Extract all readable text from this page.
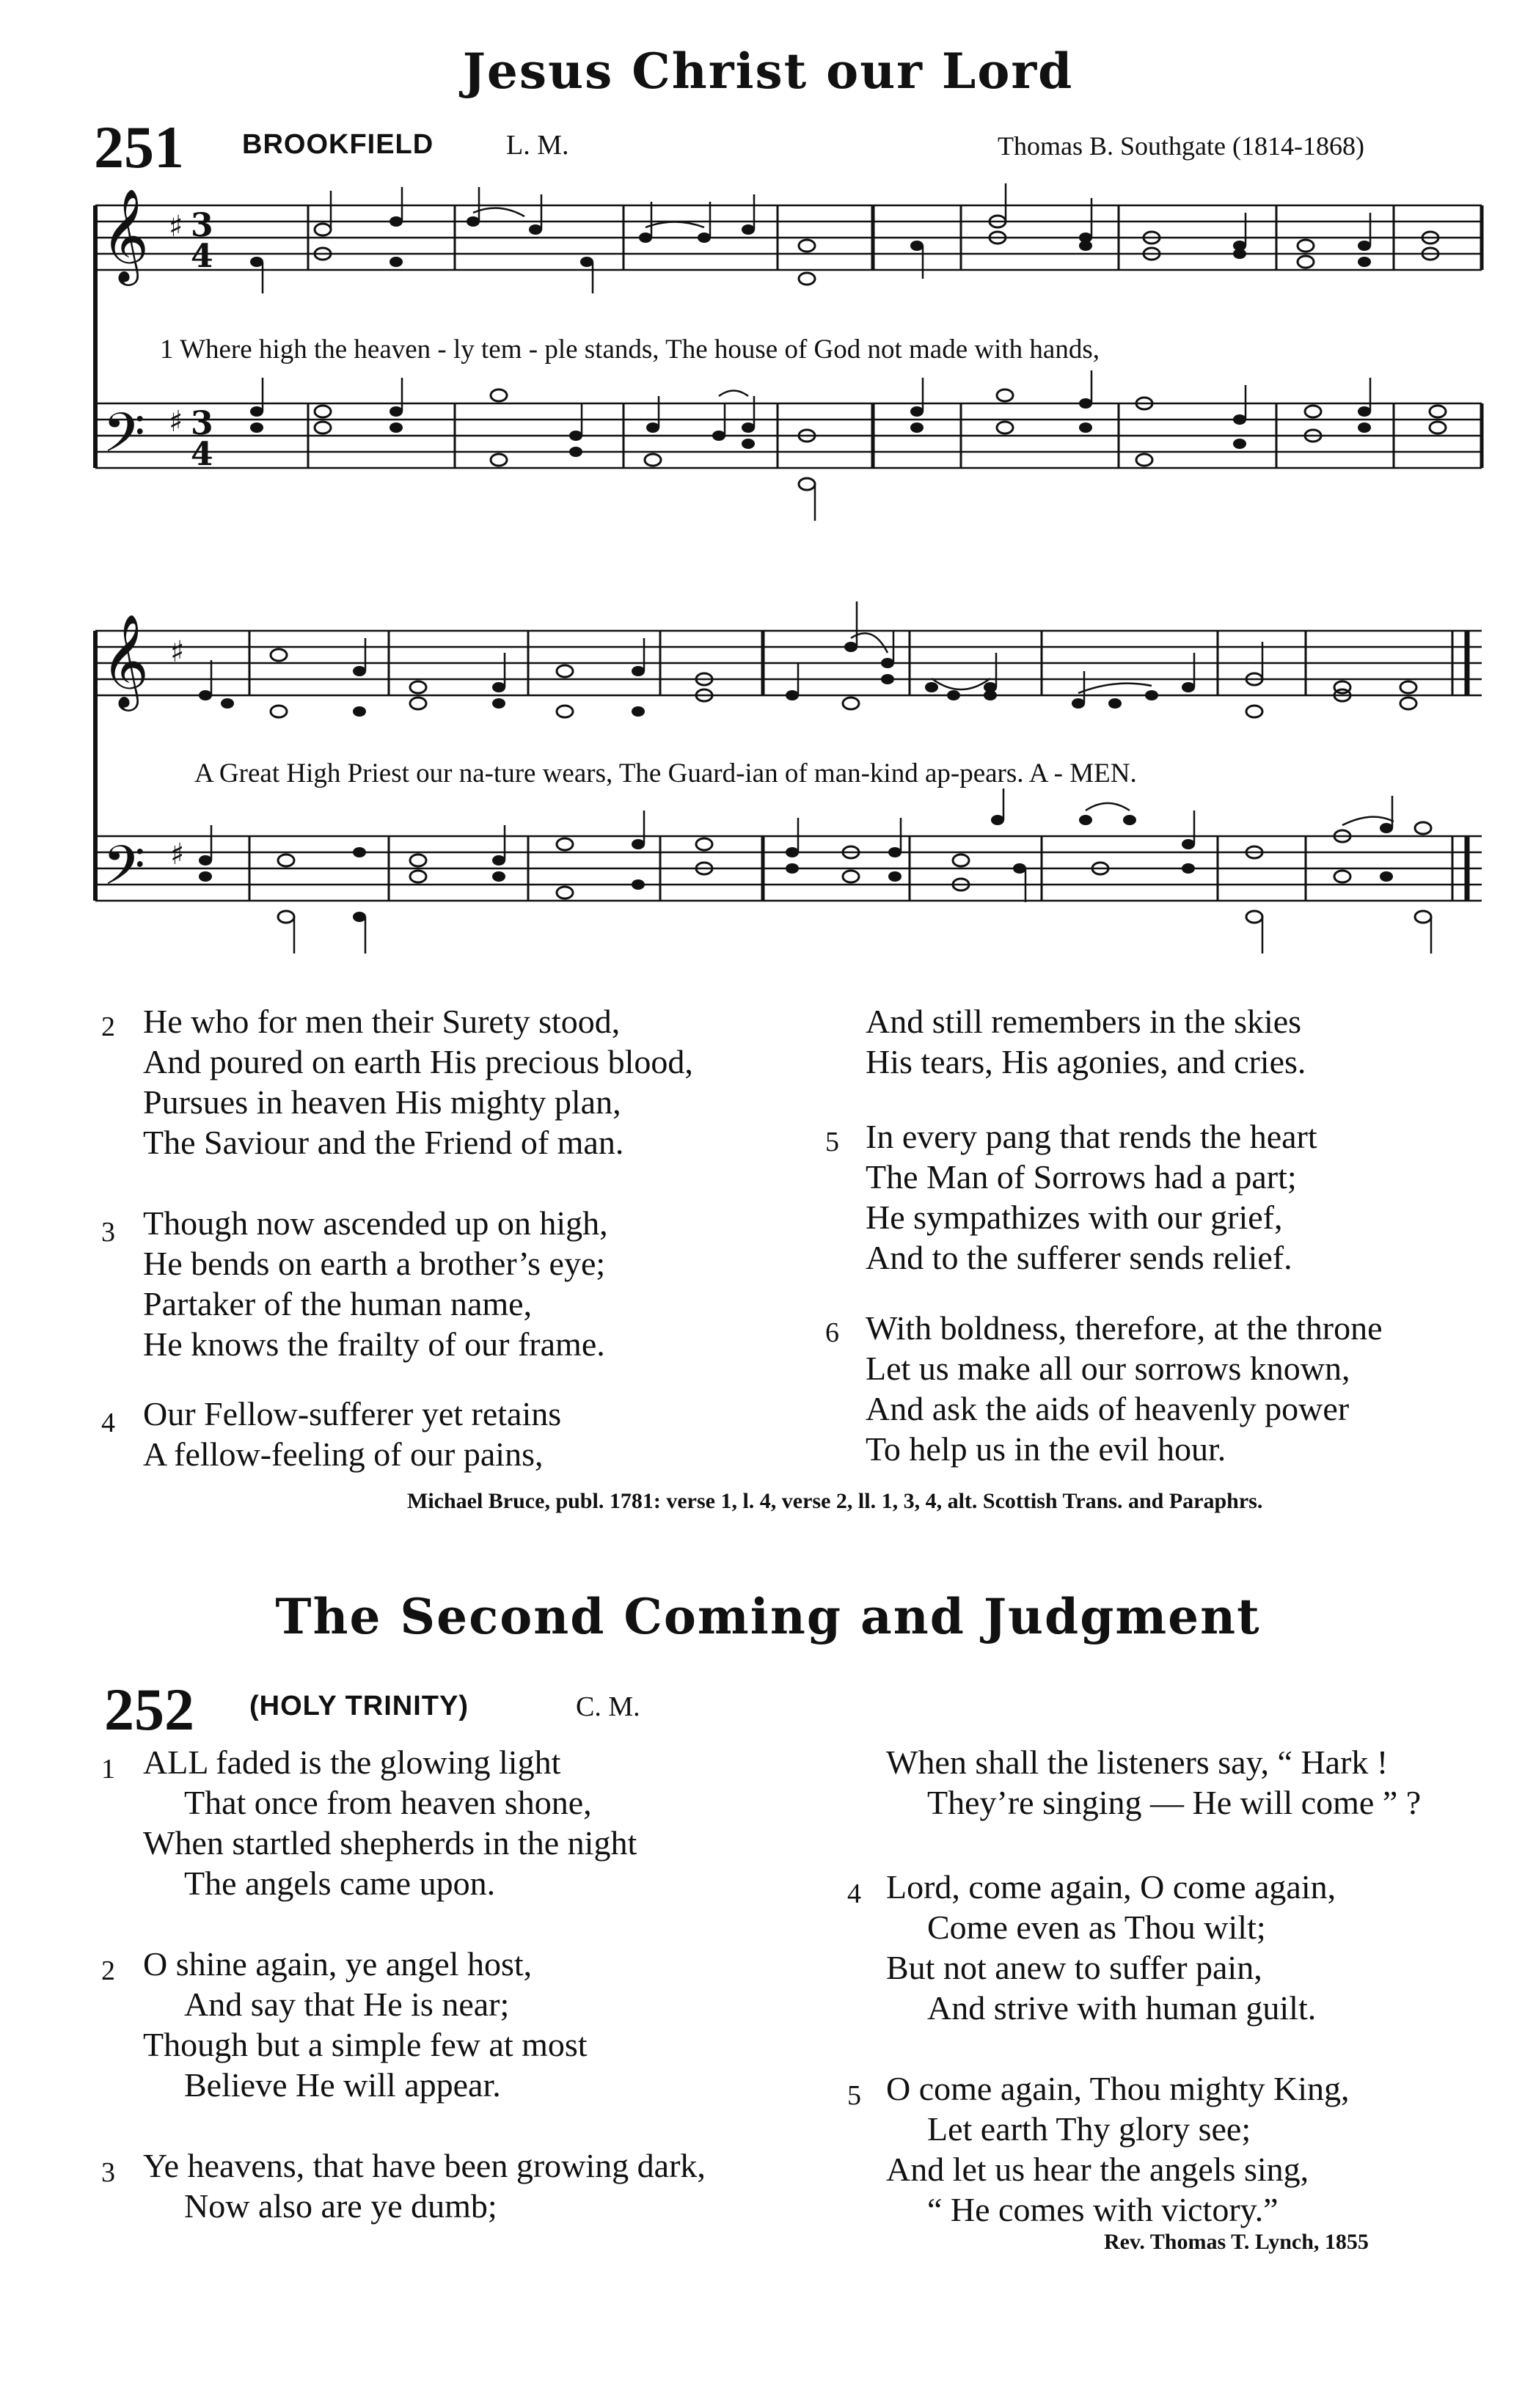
Jesus Christ our Lord
251 BROOKFIELD	L. M.	Thomas B. Southgate (1814-1868)
𝄞
𝄢
♯
♯
3
4
3
4
1 Where high the heaven - ly tem - ple stands, The house of God not made with hands,
𝄞
𝄢
♯
♯
A Great High Priest our na-ture wears, The Guard-ian of man-kind ap-pears. A - MEN.
2 He who for men their Surety stood,
And poured on earth His precious blood,
Pursues in heaven His mighty plan,
The Saviour and the Friend of man.
3 Though now ascended up on high,
He bends on earth a brother’s eye;
Partaker of the human name,
He knows the frailty of our frame.
4 Our Fellow-sufferer yet retains
A fellow-feeling of our pains,
And still remembers in the skies
His tears, His agonies, and cries.
5 In every pang that rends the heart
The Man of Sorrows had a part;
He sympathizes with our grief,
And to the sufferer sends relief.
6 With boldness, therefore, at the throne
Let us make all our sorrows known,
And ask the aids of heavenly power
To help us in the evil hour.
Michael Bruce, publ. 1781: verse 1, l. 4, verse 2, ll. 1, 3, 4, alt. Scottish Trans. and Paraphrs.
The Second Coming and Judgment
252 (HOLY TRINITY)	C. M.
1 ALL faded is the glowing light
That once from heaven shone,
When startled shepherds in the night
The angels came upon.
2 O shine again, ye angel host,
And say that He is near;
Though but a simple few at most
Believe He will appear.
3 Ye heavens, that have been growing dark,
Now also are ye dumb;
When shall the listeners say, “ Hark !
They’re singing — He will come ” ?
4 Lord, come again, O come again,
Come even as Thou wilt;
But not anew to suffer pain,
And strive with human guilt.
5 O come again, Thou mighty King,
Let earth Thy glory see;
And let us hear the angels sing,
“ He comes with victory.”
Rev. Thomas T. Lynch, 1855
